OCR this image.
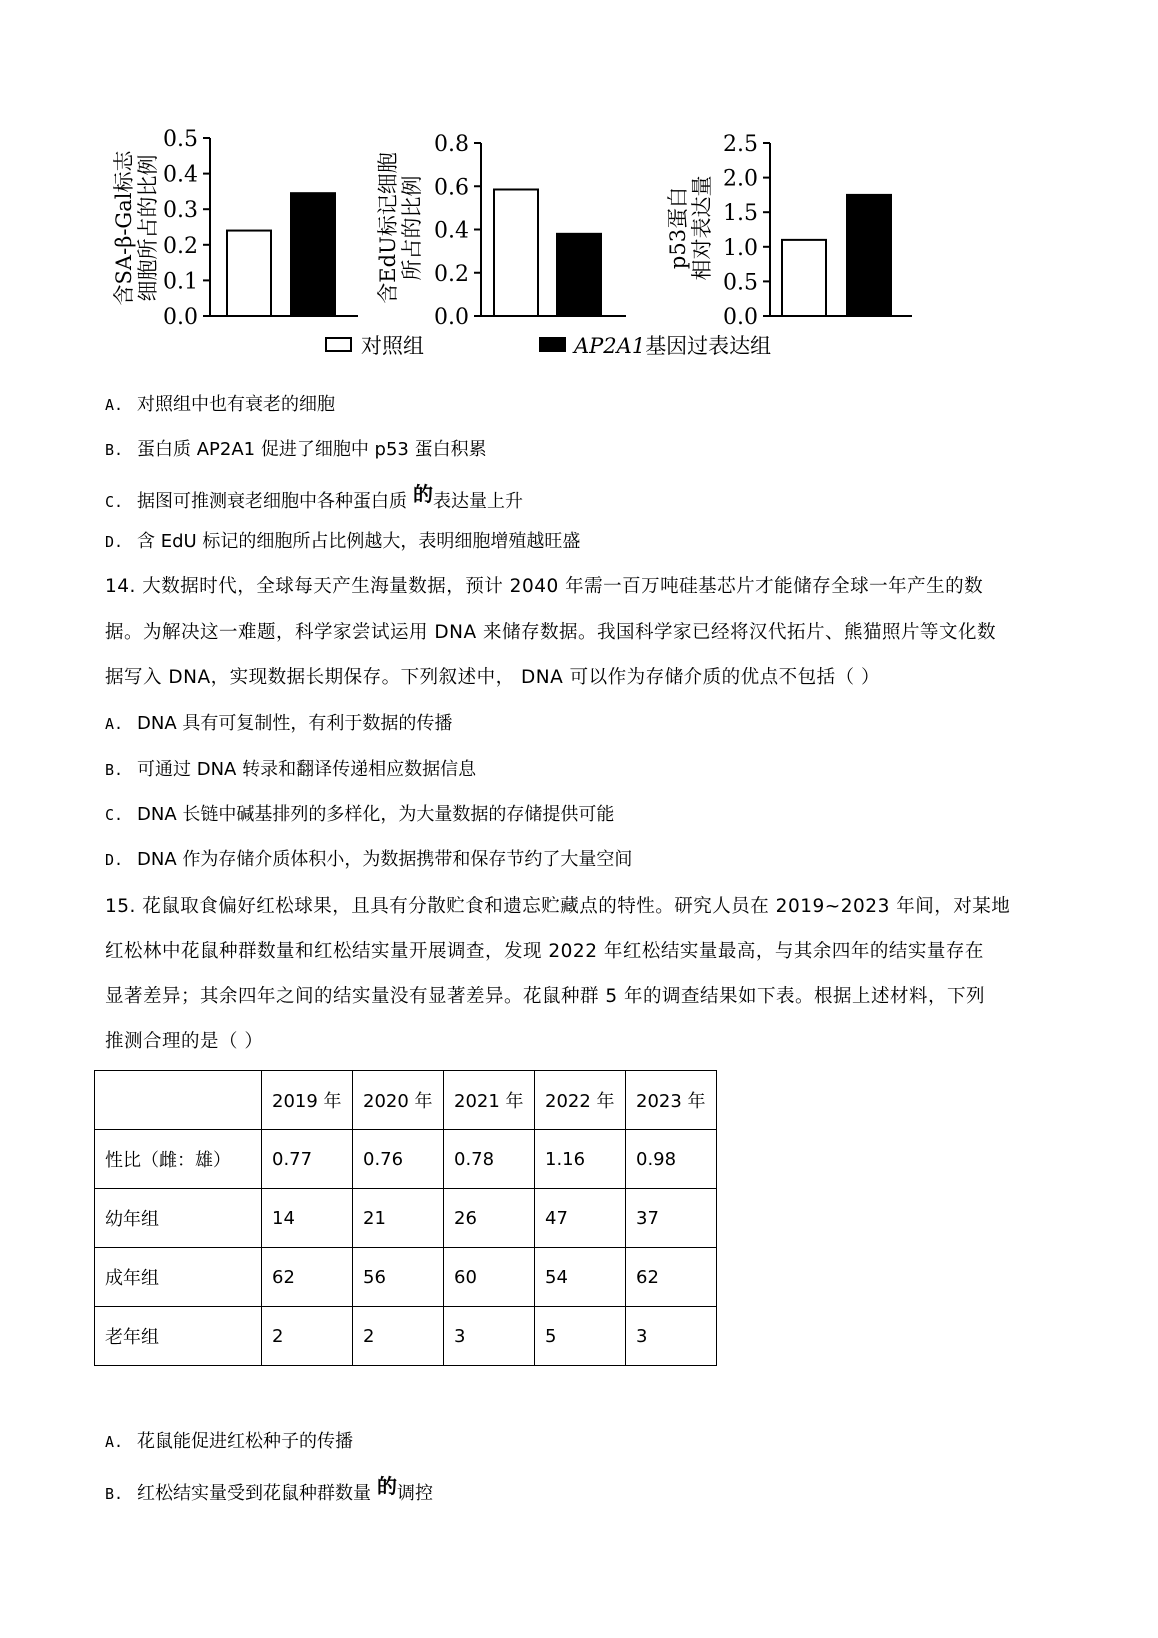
含SA-β-Gal标志 细胞所占的比例
0.0
0.1
0.2
0.3
0.4
0.5
含EdU标记细胞 所占的比例
0.0
0.2
0.4
0.6
0.8
p53蛋白 相对表达量
0.0
0.5
1.0
1.5
2.0
2.5
对照组	AP2A1基因过表达组
A. 对照组中也有衰老的细胞
B. 蛋白质 AP2A1 促进了细胞中 p53 蛋白积累
C. 据图可推测衰老细胞中各种蛋白质 的表达量上升
D. 含 EdU 标记的细胞所占比例越大，表明细胞增殖越旺盛
14. 大数据时代，全球每天产生海量数据，预计 2040 年需一百万吨硅基芯片才能储存全球一年产生的数
据。为解决这一难题，科学家尝试运用 DNA 来储存数据。我国科学家已经将汉代拓片、熊猫照片等文化数
据写入 DNA，实现数据长期保存。下列叙述中， DNA 可以作为存储介质的优点不包括（ ）
A. DNA 具有可复制性，有利于数据的传播
B. 可通过 DNA 转录和翻译传递相应数据信息
C. DNA 长链中碱基排列的多样化，为大量数据的存储提供可能
D. DNA 作为存储介质体积小，为数据携带和保存节约了大量空间
15. 花鼠取食偏好红松球果，且具有分散贮食和遗忘贮藏点的特性。研究人员在 2019~2023 年间，对某地
红松林中花鼠种群数量和红松结实量开展调查，发现 2022 年红松结实量最高，与其余四年的结实量存在
显著差异；其余四年之间的结实量没有显著差异。花鼠种群 5 年的调查结果如下表。根据上述材料，下列
推测合理的是（ ）
	2019 年	2020 年	2021 年	2022 年	2023 年
性比（雌：雄）	0.77	0.76	0.78	1.16	0.98
幼年组	14	21	26	47	37
成年组	62	56	60	54	62
老年组	2	2	3	5	3
A. 花鼠能促进红松种子的传播
B. 红松结实量受到花鼠种群数量 的调控
